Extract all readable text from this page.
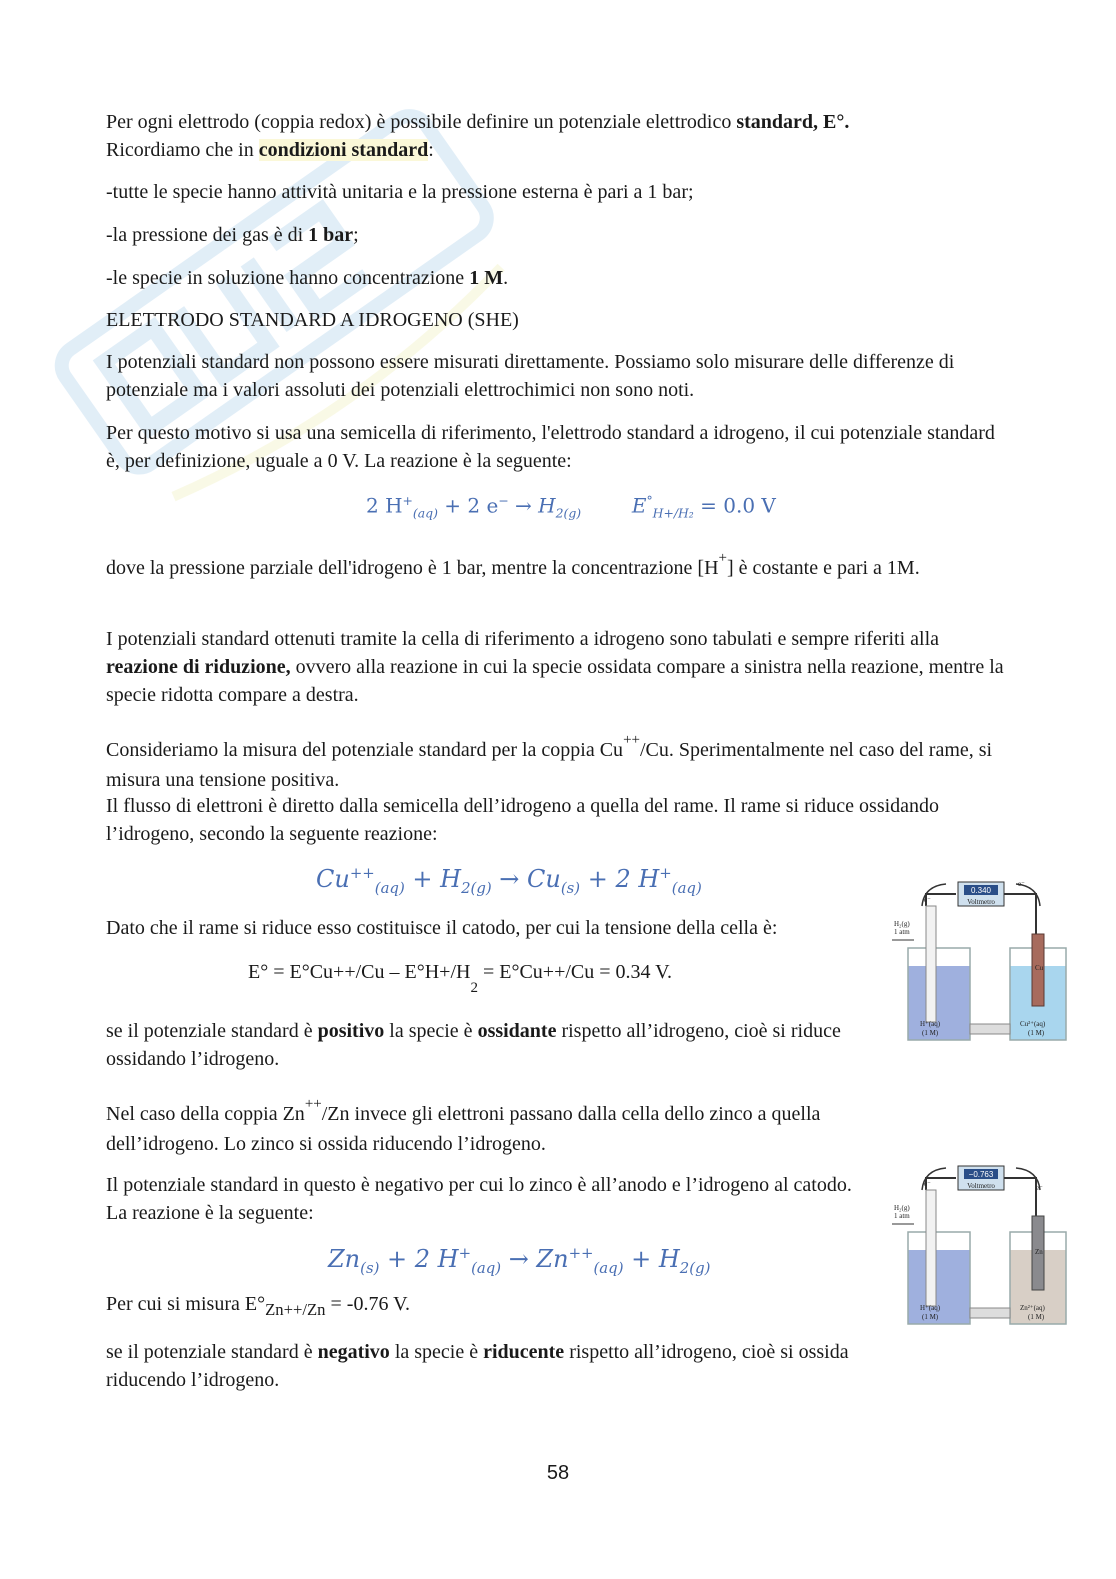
Per ogni elettrodo (coppia redox) è possibile definire un potenziale elettrodico standard, E°.
Ricordiamo che in condizioni standard:

-tutte le specie hanno attività unitaria e la pressione esterna è pari a 1 bar;

-la pressione dei gas è di 1 bar;

-le specie in soluzione hanno concentrazione 1 M.

ELETTRODO STANDARD A IDROGENO (SHE)

I potenziali standard non possono essere misurati direttamente. Possiamo solo misurare delle differenze di potenziale ma i valori assoluti dei potenziali elettrochimici non sono noti.

Per questo motivo si usa una semicella di riferimento, l'elettrodo standard a idrogeno, il cui potenziale standard è, per definizione, uguale a 0 V. La reazione è la seguente:

2 $H^+_{(aq)} + 2$ $e^- \to H_{2(g)}$	$E^\circ_{H+/H_2} = 0.0$ V

dove la pressione parziale dell'idrogeno è 1 bar, mentre la concentrazione [H+] è costante e pari a 1M.

I potenziali standard ottenuti tramite la cella di riferimento a idrogeno sono tabulati e sempre riferiti alla reazione di riduzione, ovvero alla reazione in cui la specie ossidata compare a sinistra nella reazione, mentre la specie ridotta compare a destra.

Consideriamo la misura del potenziale standard per la coppia Cu++/Cu. Sperimentalmente nel caso del rame, si misura una tensione positiva.

Il flusso di elettroni è diretto dalla semicella dell’idrogeno a quella del rame. Il rame si riduce ossidando l’idrogeno, secondo la seguente reazione:

$Cu^{++}_{(aq)} + H_{2(g)} \to Cu_{(s)} + 2$ $H^+_{(aq)}$

Dato che il rame si riduce esso costituisce il catodo, per cui la tensione della cella è:

$E^\circ = E^\circ Cu++/Cu - E^\circ H+/H_2 = E^\circ Cu++/Cu = 0.34$ V.

se il potenziale standard è positivo la specie è ossidante rispetto all’idrogeno, cioè si riduce ossidando l’idrogeno.

Nel caso della coppia Zn++/Zn invece gli elettroni passano dalla cella dello zinco a quella dell’idrogeno. Lo zinco si ossida riducendo l’idrogeno.

Il potenziale standard in questo è negativo per cui lo zinco è all’anodo e l’idrogeno al catodo. La reazione è la seguente:

$Zn_{(s)} + 2$ $H^+_{(aq)} \to Zn^{++}_{(aq)} + H_{2(g)}$

Per cui si misura $E^\circ_{Zn++/Zn} = -0.76$ V.

se il potenziale standard è negativo la specie è riducente rispetto all’idrogeno, cioè si ossida riducendo l’idrogeno.

0.340
Voltmetro
e⁻
e⁻
H₂(g)
1 atm
Cu
H⁺(aq)
(1 M)
Cu²⁺(aq)
(1 M)
−0.763
Voltmetro
e⁻	e⁻
H₂(g)
1 atm
Zn
H⁺(aq)
(1 M)
Zn²⁺(aq)
(1 M)
58
